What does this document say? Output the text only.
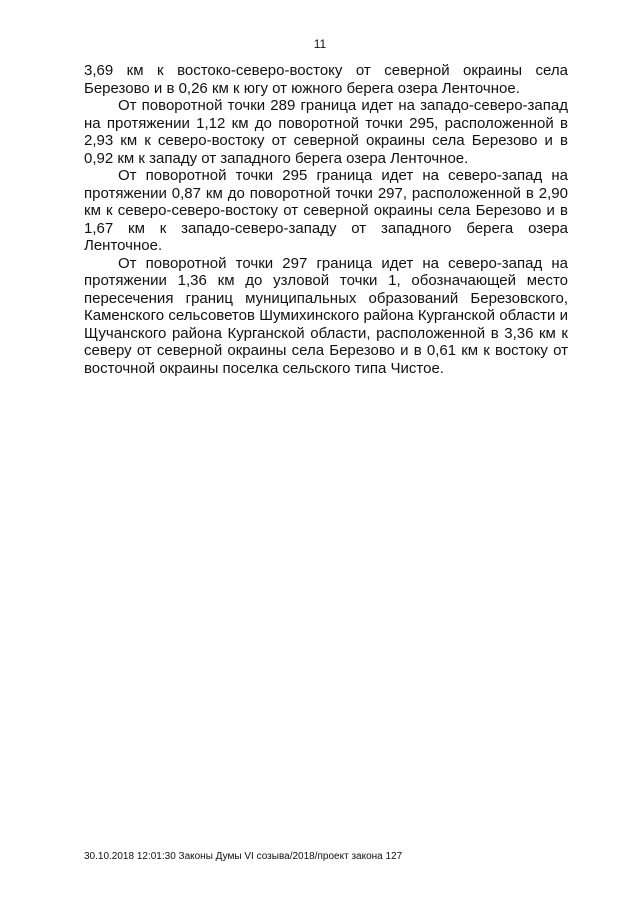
11

3,69 км к востоко-северо-востоку от северной окраины села Березово и в 0,26 км к югу от южного берега озера Ленточное.

От поворотной точки 289 граница идет на западо-северо-запад на протяжении 1,12 км до поворотной точки 295, расположенной в 2,93 км к северо-востоку от северной окраины села Березово и в 0,92 км к западу от западного берега озера Ленточное.

От поворотной точки 295 граница идет на северо-запад на протяжении 0,87 км до поворотной точки 297, расположенной в 2,90 км к северо-северо-востоку от северной окраины села Березово и в 1,67 км к западо-северо-западу от западного берега озера Ленточное.

От поворотной точки 297 граница идет на северо-запад на протяжении 1,36 км до узловой точки 1, обозначающей место пересечения границ муниципальных образований Березовского, Каменского сельсоветов Шумихинского района Курганской области и Щучанского района Курганской области, расположенной в 3,36 км к северу от северной окраины села Березово и в 0,61 км к востоку от восточной окраины поселка сельского типа Чистое.

30.10.2018 12:01:30 Законы Думы VI созыва/2018/проект закона 127
